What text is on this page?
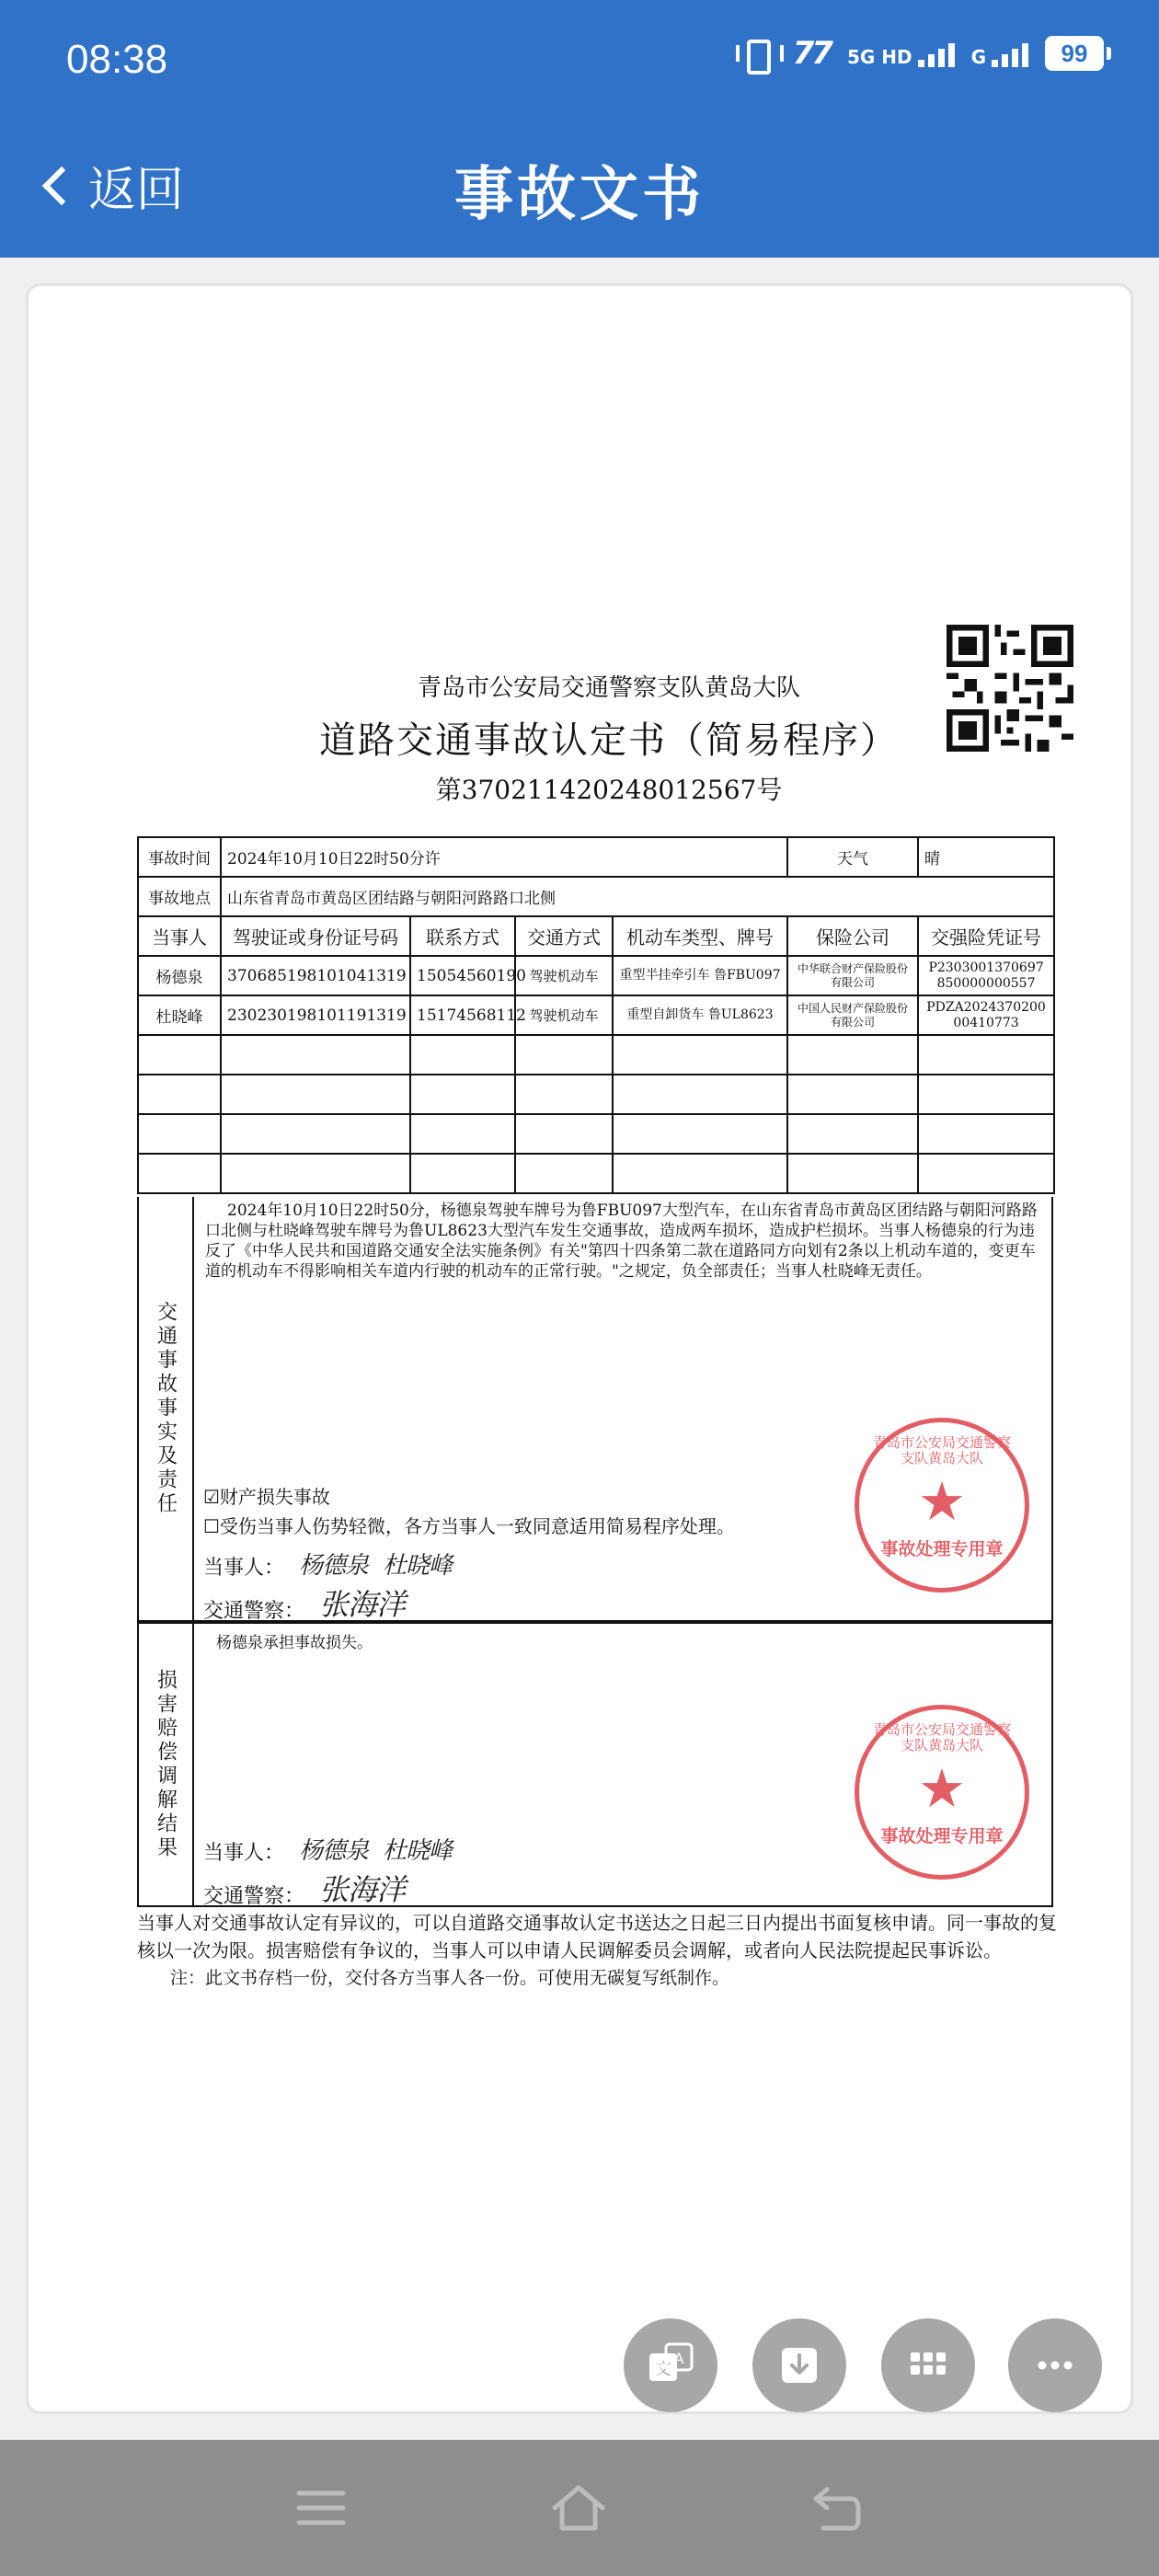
08:38	77 5G HD	G	99
返回	事故文书
青岛市公安局交通警察支队黄岛大队
道路交通事故认定书（简易程序）
第370211420248012567号
事故时间	2024年10月10日22时50分许				天气	晴
事故地点	山东省青岛市黄岛区团结路与朝阳河路路口北侧					
当事人	驾驶证或身份证号码	联系方式	交通方式	机动车类型、牌号	保险公司	交强险凭证号
杨德泉	370685198101041319	15054560190	驾驶机动车	重型半挂牵引车 鲁FBU097	中华联合财产保险股份有限公司	P2303001370697850000000557
杜晓峰	230230198101191319	15174568112	驾驶机动车	重型自卸货车 鲁UL8623	中国人民财产保险股份有限公司	PDZA202437020000410773

交通事故事实及责任
2024年10月10日22时50分，杨德泉驾驶车牌号为鲁FBU097大型汽车，在山东省青岛市黄岛区团结路与朝阳河路路口北侧与杜晓峰驾驶车牌号为鲁UL8623大型汽车发生交通事故，造成两车损坏，造成护栏损坏。当事人杨德泉的行为违反了《中华人民共和国道路交通安全法实施条例》有关"第四十四条第二款在道路同方向划有2条以上机动车道的，变更车道的机动车不得影响相关车道内行驶的机动车的正常行驶。"之规定，负全部责任；当事人杜晓峰无责任。
☑财产损失事故
☐受伤当事人伤势轻微，各方当事人一致同意适用简易程序处理。
当事人： 杨德泉 杜晓峰
交通警察： 张海洋
青岛市公安局交通警察支队黄岛大队
★
事故处理专用章
损害赔偿调解结果
杨德泉承担事故损失。
当事人： 杨德泉 杜晓峰
交通警察： 张海洋
青岛市公安局交通警察支队黄岛大队
★
事故处理专用章

当事人对交通事故认定有异议的，可以自道路交通事故认定书送达之日起三日内提出书面复核申请。同一事故的复核以一次为限。损害赔偿有争议的，当事人可以申请人民调解委员会调解，或者向人民法院提起民事诉讼。

注：此文书存档一份，交付各方当事人各一份。可使用无碳复写纸制作。

文
A
